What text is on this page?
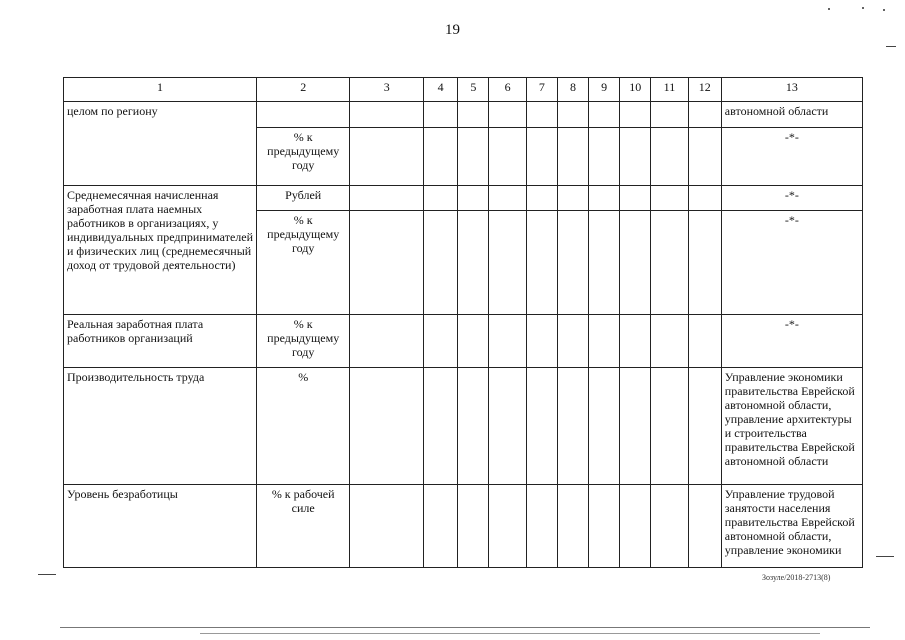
19
1	2	3	4	5	6	7	8	9	10	11	12	13
целом по региону												автономной области
	% к предыдущему году											-*-
Среднемесячная начисленная заработная плата наемных работников в организациях, у индивидуальных предпринимателей и физических лиц (среднемесячный доход от трудовой деятельности)	Рублей											-*-
	% к предыдущему году											-*-
Реальная заработная плата работников организаций	% к предыдущему году											-*-
Производительность труда	%											Управление экономики правительства Еврейской автономной области, управление архитектуры и строительства правительства Еврейской автономной области
Уровень безработицы	% к рабочей силе											Управление трудовой занятости населения правительства Еврейской автономной области, управление экономики
Зозуле/2018-2713(8)
